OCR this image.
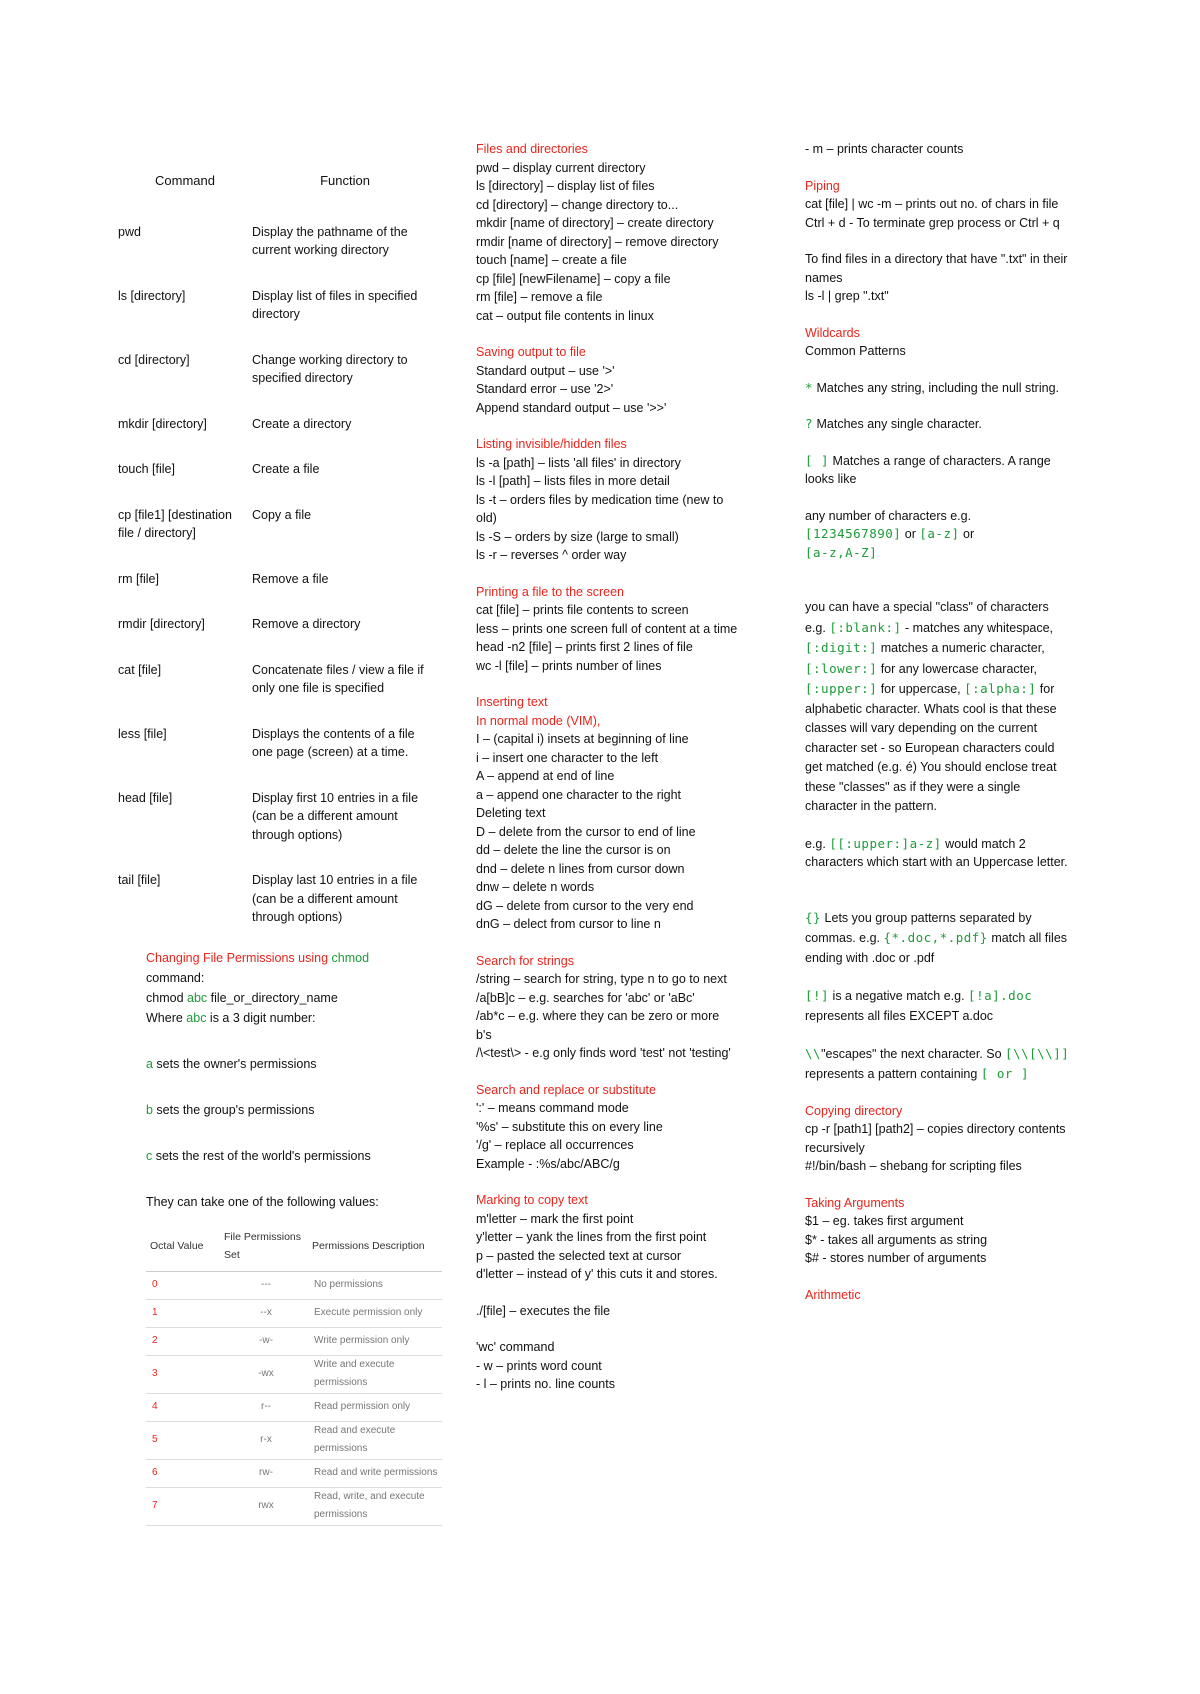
Command	Function
pwd	Display the pathname of the current working directory
ls [directory]	Display list of files in specified directory
cd [directory]	Change working directory to specified directory
mkdir [directory]	Create a directory
touch [file]	Create a file
cp [file1] [destination file / directory]	Copy a file
rm [file]	Remove a file
rmdir [directory]	Remove a directory
cat [file]	Concatenate files / view a file if only one file is specified
less [file]	Displays the contents of a file one page (screen) at a time.
head [file]	Display first 10 entries in a file (can be a different amount through options)
tail [file]	Display last 10 entries in a file (can be a different amount through options)
Changing File Permissions using chmod
command:
chmod abc file_or_directory_name
Where abc is a 3 digit number:
a sets the owner's permissions
b sets the group's permissions
c sets the rest of the world's permissions
They can take one of the following values:
Octal Value	File Permissions Set	Permissions Description
0	---	No permissions
1	--x	Execute permission only
2	-w-	Write permission only
3	-wx	Write and execute permissions
4	r--	Read permission only
5	r-x	Read and execute permissions
6	rw-	Read and write permissions
7	rwx	Read, write, and execute permissions
Files and directories
pwd – display current directory
ls [directory] – display list of files
cd [directory] – change directory to...
mkdir [name of directory] – create directory
rmdir [name of directory] – remove directory
touch [name] – create a file
cp [file] [newFilename] – copy a file
rm [file] – remove a file
cat – output file contents in linux
Saving output to file
Standard output – use '>'
Standard error – use '2>'
Append standard output – use '>>'
Listing invisible/hidden files
ls -a [path] – lists 'all files' in directory
ls -l [path] – lists files in more detail
ls -t – orders files by medication time (new to old)
ls -S – orders by size (large to small)
ls -r – reverses ^ order way
Printing a file to the screen
cat [file] – prints file contents to screen
less – prints one screen full of content at a time
head -n2 [file] – prints first 2 lines of file
wc -l [file] – prints number of lines
Inserting text
In normal mode (VIM),
I – (capital i) insets at beginning of line
i – insert one character to the left
A – append at end of line
a – append one character to the right
Deleting text
D – delete from the cursor to end of line
dd – delete the line the cursor is on
dnd – delete n lines from cursor down
dnw – delete n words
dG – delete from cursor to the very end
dnG – delect from cursor to line n
Search for strings
/string – search for string, type n to go to next
/a[bB]c – e.g. searches for 'abc' or 'aBc'
/ab*c – e.g. where they can be zero or more b's
/\<test\> - e.g only finds word 'test' not 'testing'
Search and replace or substitute
':' – means command mode
'%s' – substitute this on every line
'/g' – replace all occurrences
Example - :%s/abc/ABC/g
Marking to copy text
m'letter – mark the first point
y'letter – yank the lines from the first point
p – pasted the selected text at cursor
d'letter – instead of y' this cuts it and stores.
./[file] – executes the file
'wc' command
- w – prints word count
- l – prints no. line counts
- m – prints character counts
Piping
cat [file] | wc -m – prints out no. of chars in file
Ctrl + d - To terminate grep process or Ctrl + q
To find files in a directory that have ".txt" in their names
ls -l | grep ".txt"
Wildcards
Common Patterns
* Matches any string, including the null string.
? Matches any single character.
[ ] Matches a range of characters. A range looks like
any number of characters e.g.
[1234567890] or [a-z] or
[a-z,A-Z]
you can have a special "class" of characters
e.g. [:blank:] - matches any whitespace, [:digit:] matches a numeric character, [:lower:] for any lowercase character, [:upper:] for uppercase, [:alpha:] for alphabetic character. Whats cool is that these classes will vary depending on the current character set - so European characters could get matched (e.g. é) You should enclose treat these "classes" as if they were a single character in the pattern.
e.g. [[:upper:]a-z] would match 2 characters which start with an Uppercase letter.
{} Lets you group patterns separated by commas. e.g. {*.doc,*.pdf} match all files ending with .doc or .pdf
[!] is a negative match e.g. [!a].doc represents all files EXCEPT a.doc
\\"escapes" the next character. So [\\[\\]] represents a pattern containing [ or ]
Copying directory
cp -r [path1] [path2] – copies directory contents recursively
#!/bin/bash – shebang for scripting files
Taking Arguments
$1 – eg. takes first argument
$* - takes all arguments as string
$# - stores number of arguments
Arithmetic
